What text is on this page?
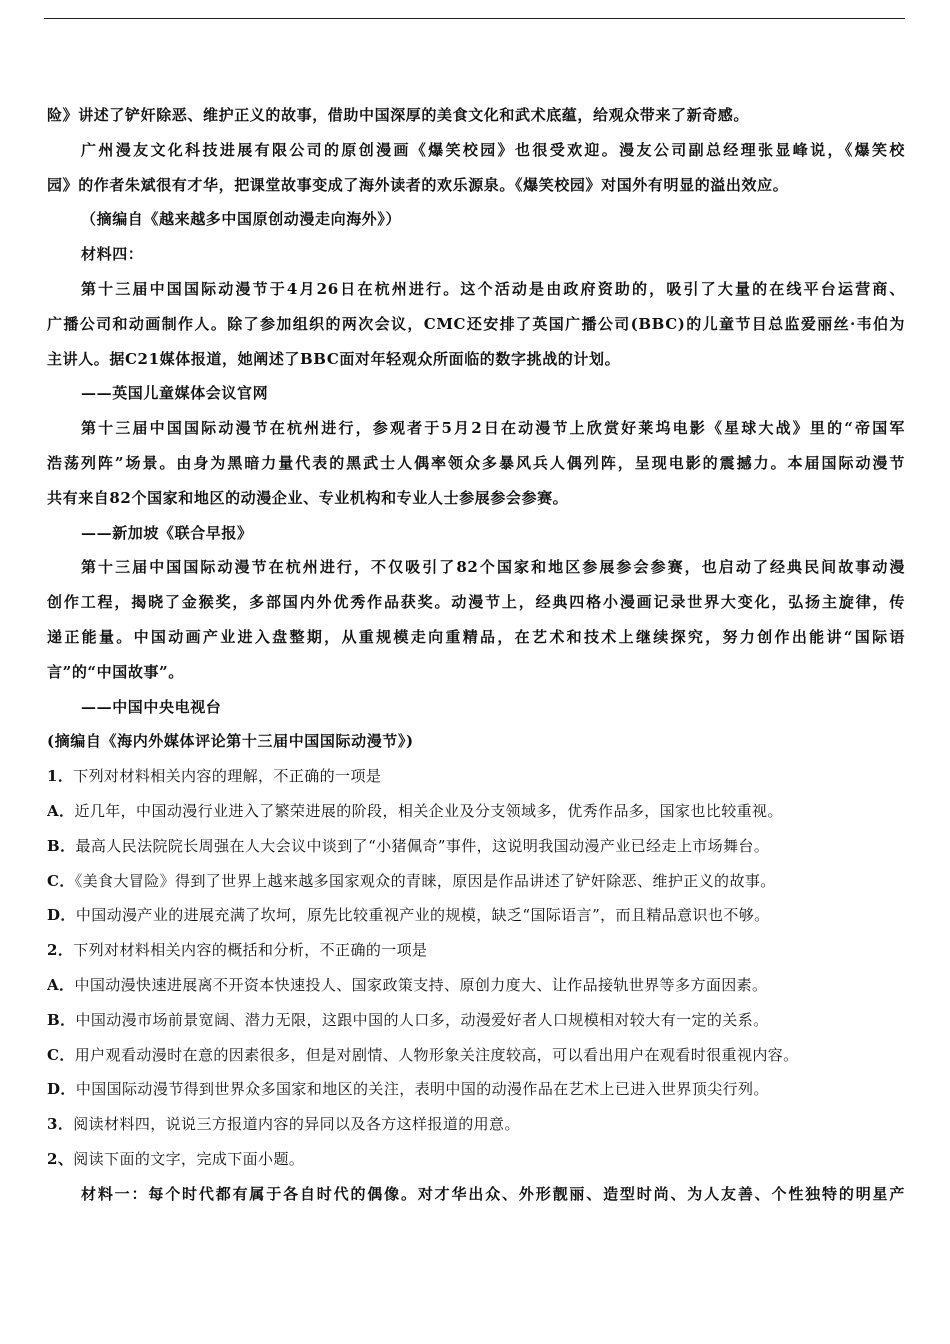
险》讲述了铲奸除恶、维护正义的故事，借助中国深厚的美食文化和武术底蕴，给观众带来了新奇感。
广州漫友文化科技进展有限公司的原创漫画《爆笑校园》也很受欢迎。漫友公司副总经理张显峰说，《爆笑校
园》的作者朱斌很有才华，把课堂故事变成了海外读者的欢乐源泉。《爆笑校园》对国外有明显的溢出效应。
（摘编自《越来越多中国原创动漫走向海外》）
材料四：
第十三届中国国际动漫节于4月26日在杭州进行。这个活动是由政府资助的，吸引了大量的在线平台运营商、
广播公司和动画制作人。除了参加组织的两次会议，CMC还安排了英国广播公司(BBC)的儿童节目总监爱丽丝·韦伯为
主讲人。据C21媒体报道，她阐述了BBC面对年轻观众所面临的数字挑战的计划。
——英国儿童媒体会议官网
第十三届中国国际动漫节在杭州进行，参观者于5月2日在动漫节上欣赏好莱坞电影《星球大战》里的“帝国军
浩荡列阵”场景。由身为黑暗力量代表的黑武士人偶率领众多暴风兵人偶列阵，呈现电影的震撼力。本届国际动漫节
共有来自82个国家和地区的动漫企业、专业机构和专业人士参展参会参赛。
——新加坡《联合早报》
第十三届中国国际动漫节在杭州进行，不仅吸引了82个国家和地区参展参会参赛，也启动了经典民间故事动漫
创作工程，揭晓了金猴奖，多部国内外优秀作品获奖。动漫节上，经典四格小漫画记录世界大变化，弘扬主旋律，传
递正能量。中国动画产业进入盘整期，从重规模走向重精品，在艺术和技术上继续探究，努力创作出能讲“国际语
言”的“中国故事”。
——中国中央电视台
(摘编自《海内外媒体评论第十三届中国国际动漫节》)
1．下列对材料相关内容的理解，不正确的一项是
A．近几年，中国动漫行业进入了繁荣进展的阶段，相关企业及分支领域多，优秀作品多，国家也比较重视。
B．最高人民法院院长周强在人大会议中谈到了“小猪佩奇”事件，这说明我国动漫产业已经走上市场舞台。
C．《美食大冒险》得到了世界上越来越多国家观众的青睐，原因是作品讲述了铲奸除恶、维护正义的故事。
D．中国动漫产业的进展充满了坎坷，原先比较重视产业的规模，缺乏“国际语言”，而且精品意识也不够。
2．下列对材料相关内容的概括和分析，不正确的一项是
A．中国动漫快速进展离不开资本快速投人、国家政策支持、原创力度大、让作品接轨世界等多方面因素。
B．中国动漫市场前景宽阔、潜力无限，这跟中国的人口多，动漫爱好者人口规模相对较大有一定的关系。
C．用户观看动漫时在意的因素很多，但是对剧情、人物形象关注度较高，可以看出用户在观看时很重视内容。
D．中国国际动漫节得到世界众多国家和地区的关注，表明中国的动漫作品在艺术上已进入世界顶尖行列。
3．阅读材料四，说说三方报道内容的异同以及各方这样报道的用意。
2、阅读下面的文字，完成下面小题。
材料一：每个时代都有属于各自时代的偶像。对才华出众、外形靓丽、造型时尚、为人友善、个性独特的明星产
